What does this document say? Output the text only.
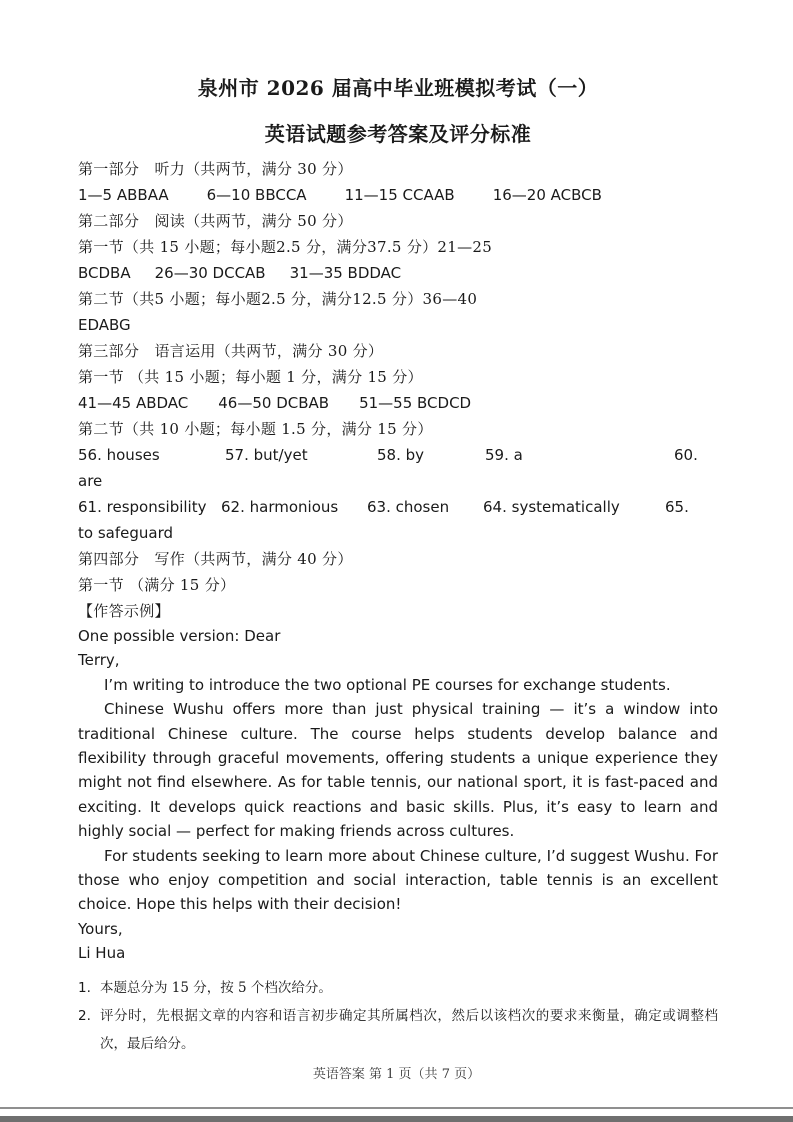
泉州市 2026 届高中毕业班模拟考试（一）
英语试题参考答案及评分标准
第一部分　听力（共两节，满分 30 分）
1—5 ABBAA	6—10 BBCCA	11—15 CCAAB	16—20 ACBCB
第二部分　阅读（共两节，满分 50 分）
第一节（共 15 小题；每小题2.5 分，满分37.5 分）21—25
BCDBA 26—30 DCCAB 31—35 BDDAC
第二节（共5 小题；每小题2.5 分，满分12.5 分）36—40
EDABG
第三部分　语言运用（共两节，满分 30 分）
第一节 （共 15 小题；每小题 1 分，满分 15 分）
41—45 ABDAC 46—50 DCBAB 51—55 BCDCD
第二节（共 10 小题；每小题 1.5 分，满分 15 分）
56. houses	57. but/yet	58. by	59. a	60.
are
61. responsibility 62. harmonious 63. chosen 64. systematically	65.
to safeguard
第四部分　写作（共两节，满分 40 分）
第一节 （满分 15 分）
【作答示例】

One possible version: Dear

Terry,

I’m writing to introduce the two optional PE courses for exchange students.

Chinese Wushu offers more than just physical training — it’s a window into traditional Chinese culture. The course helps students develop balance and flexibility through graceful movements, offering students a unique experience they might not find elsewhere. As for table tennis, our national sport, it is fast-paced and exciting. It develops quick reactions and basic skills. Plus, it’s easy to learn and highly social — perfect for making friends across cultures.

For students seeking to learn more about Chinese culture, I’d suggest Wushu. For those who enjoy competition and social interaction, table tennis is an excellent choice. Hope this helps with their decision!

Yours,

Li Hua

1. 本题总分为 15 分，按 5 个档次给分。
2. 评分时，先根据文章的内容和语言初步确定其所属档次，然后以该档次的要求来衡量，确定或调整档次，最后给分。
英语答案 第 1 页（共 7 页）
